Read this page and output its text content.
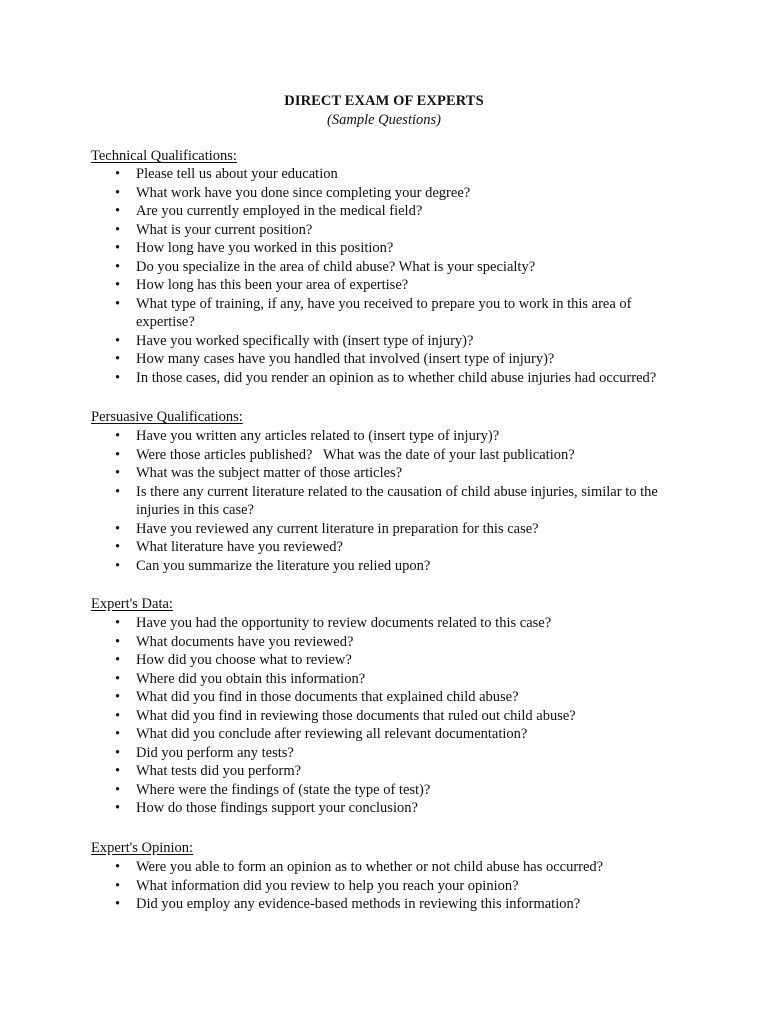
DIRECT EXAM OF EXPERTS
(Sample Questions)
Technical Qualifications:
• Please tell us about your education
• What work have you done since completing your degree?
• Are you currently employed in the medical field?
• What is your current position?
• How long have you worked in this position?
• Do you specialize in the area of child abuse? What is your specialty?
• How long has this been your area of expertise?
• What type of training, if any, have you received to prepare you to work in this area of expertise?
• Have you worked specifically with (insert type of injury)?
• How many cases have you handled that involved (insert type of injury)?
• In those cases, did you render an opinion as to whether child abuse injuries had occurred?
Persuasive Qualifications:
• Have you written any articles related to (insert type of injury)?
• Were those articles published?   What was the date of your last publication?
• What was the subject matter of those articles?
• Is there any current literature related to the causation of child abuse injuries, similar to the injuries in this case?
• Have you reviewed any current literature in preparation for this case?
• What literature have you reviewed?
• Can you summarize the literature you relied upon?
Expert's Data:
• Have you had the opportunity to review documents related to this case?
• What documents have you reviewed?
• How did you choose what to review?
• Where did you obtain this information?
• What did you find in those documents that explained child abuse?
• What did you find in reviewing those documents that ruled out child abuse?
• What did you conclude after reviewing all relevant documentation?
• Did you perform any tests?
• What tests did you perform?
• Where were the findings of (state the type of test)?
• How do those findings support your conclusion?
Expert's Opinion:
• Were you able to form an opinion as to whether or not child abuse has occurred?
• What information did you review to help you reach your opinion?
• Did you employ any evidence-based methods in reviewing this information?
